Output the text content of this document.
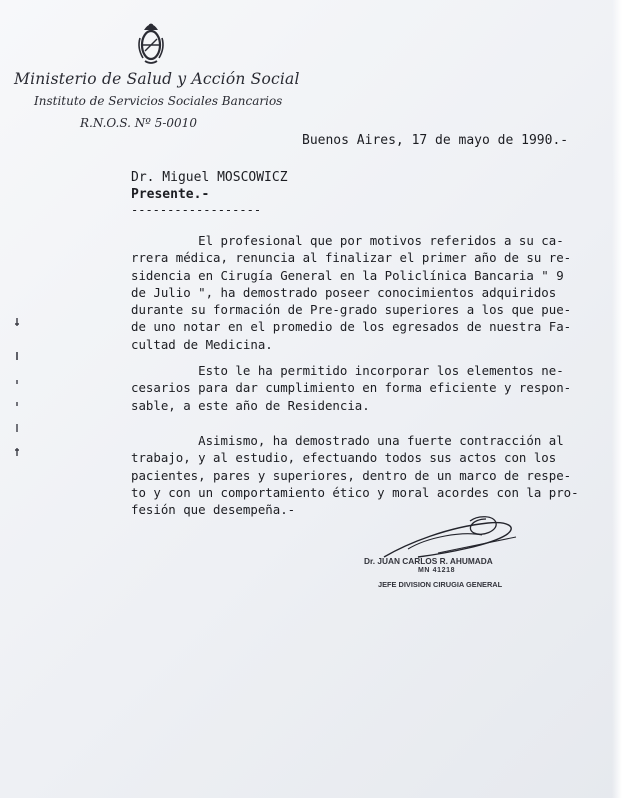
Ministerio de Salud y Acción Social
Instituto de Servicios Sociales Bancarios
R.N.O.S. Nº 5-0010
Buenos Aires, 17 de mayo de 1990.-
Dr. Miguel MOSCOWICZ
Presente.-
------------------
El profesional que por motivos referidos a su ca-
rrera médica, renuncia al finalizar el primer año de su re-
sidencia en Cirugía General en la Policlínica Bancaria " 9
de Julio ", ha demostrado poseer conocimientos adquiridos
durante su formación de Pre-grado superiores a los que pue-
de uno notar en el promedio de los egresados de nuestra Fa-
cultad de Medicina.
Esto le ha permitido incorporar los elementos ne-
cesarios para dar cumplimiento en forma eficiente y respon-
sable, a este año de Residencia.
Asimismo, ha demostrado una fuerte contracción al
trabajo, y al estudio, efectuando todos sus actos con los
pacientes, pares y superiores, dentro de un marco de respe-
to y con un comportamiento ético y moral acordes con la pro-
fesión que desempeña.-
Dr. JUAN CARLOS R. AHUMADA
MN 41218
JEFE DIVISION CIRUGIA GENERAL
